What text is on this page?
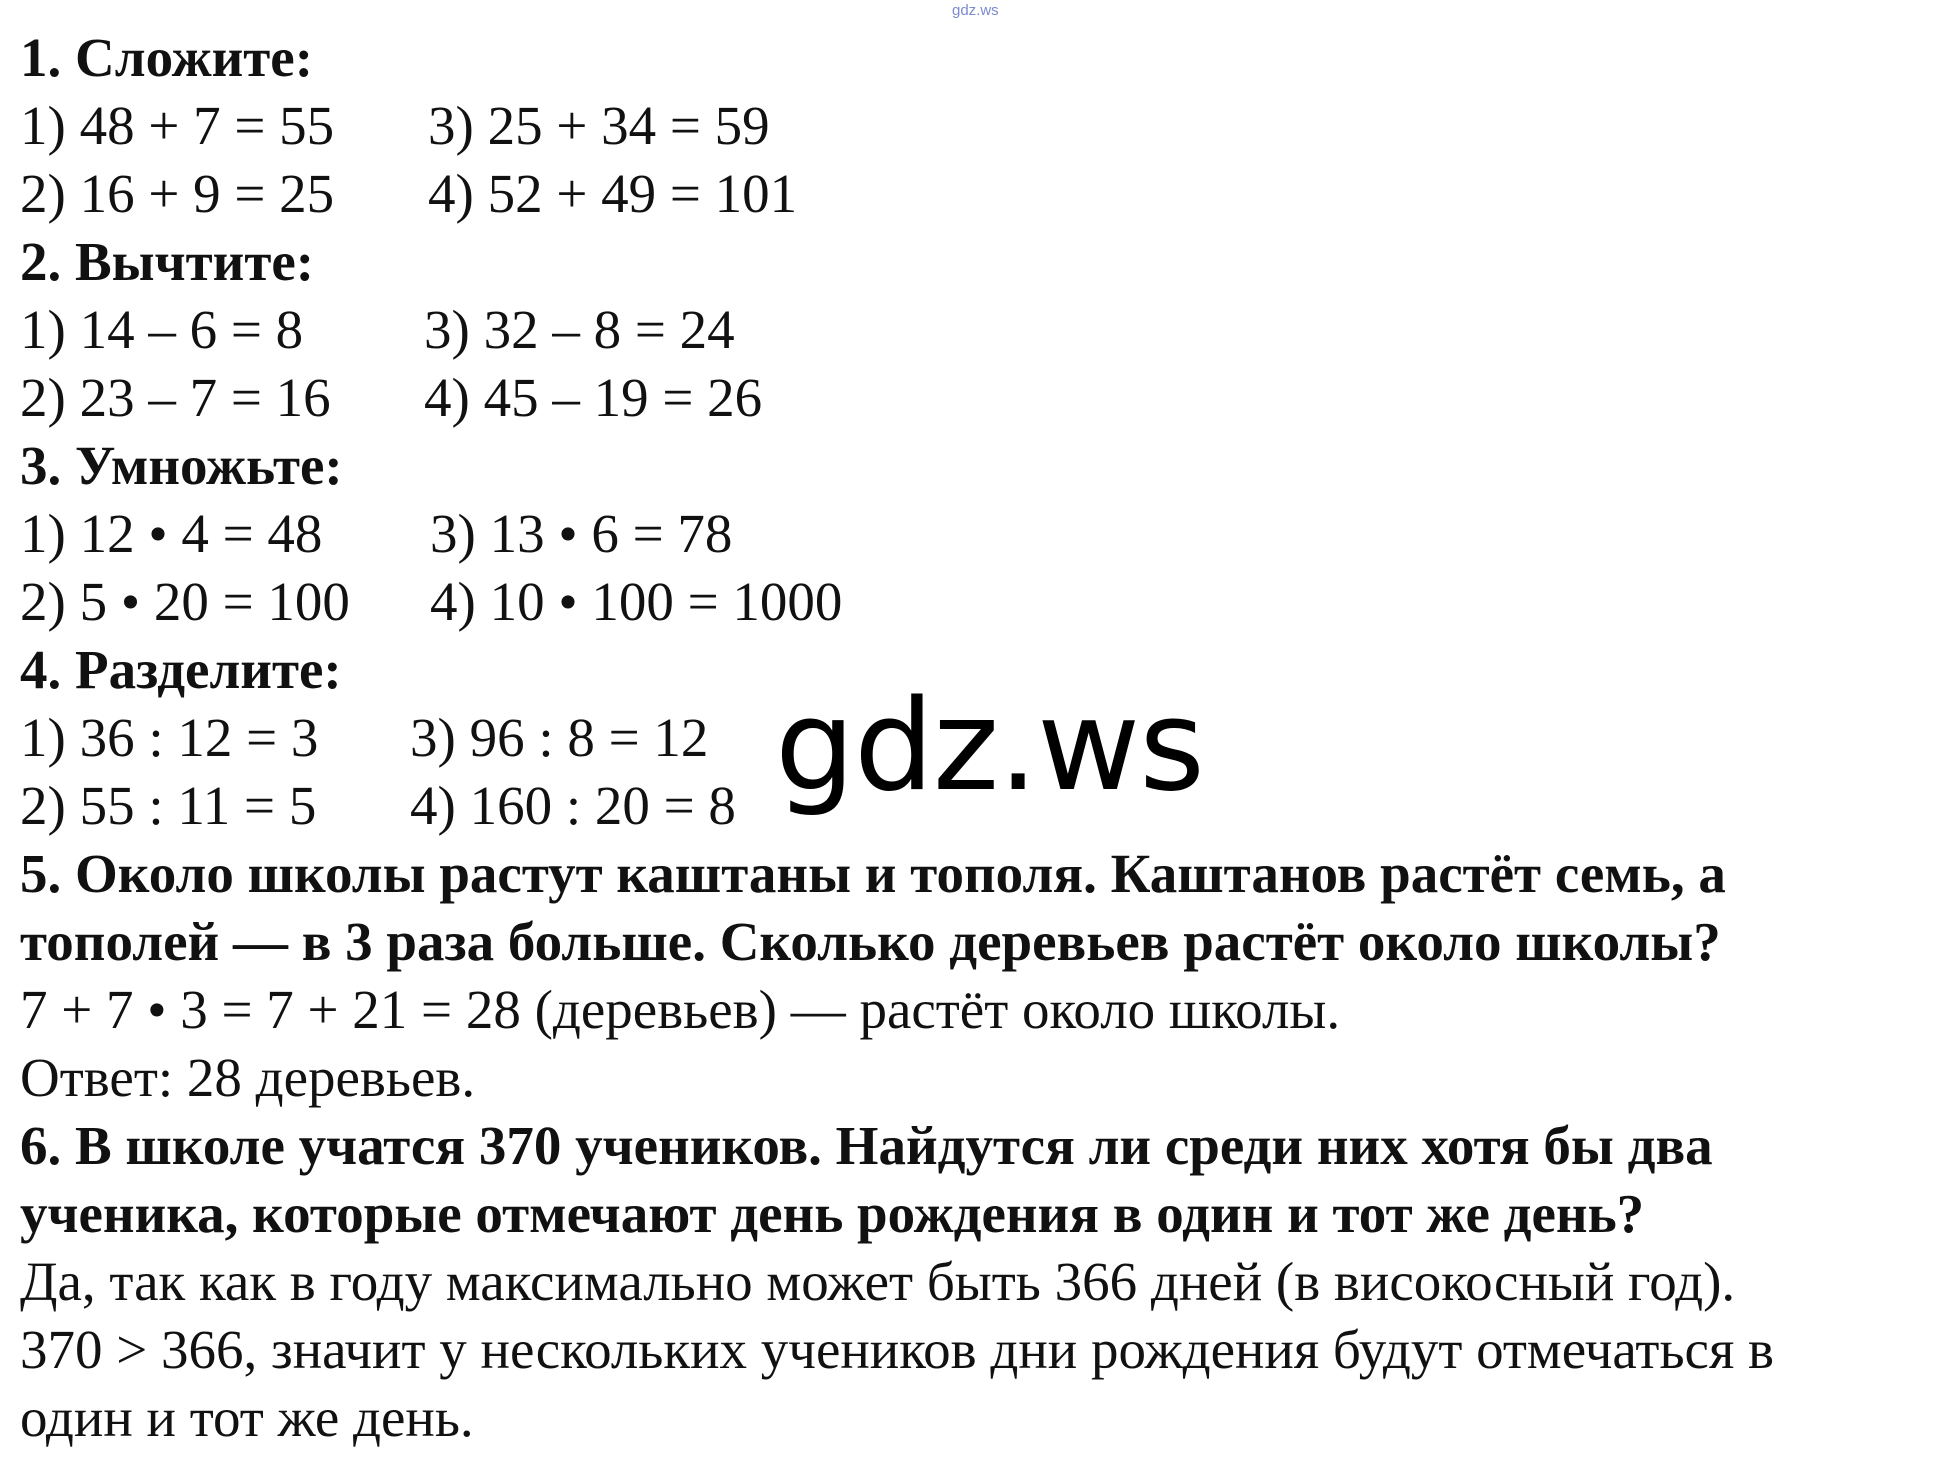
gdz.ws
1. Сложите:
1) 48 + 7 = 55	3) 25 + 34 = 59
2) 16 + 9 = 25	4) 52 + 49 = 101
2. Вычтите:
1) 14 – 6 = 8	3) 32 – 8 = 24
2) 23 – 7 = 16	4) 45 – 19 = 26
3. Умножьте:
1) 12 • 4 = 48	3) 13 • 6 = 78
2) 5 • 20 = 100	4) 10 • 100 = 1000
4. Разделите:
1) 36 : 12 = 3	3) 96 : 8 = 12
2) 55 : 11 = 5	4) 160 : 20 = 8
5. Около школы растут каштаны и тополя. Каштанов растёт семь, а
тополей — в 3 раза больше. Сколько деревьев растёт около школы?
7 + 7 • 3 = 7 + 21 = 28 (деревьев) — растёт около школы.
Ответ: 28 деревьев.
6. В школе учатся 370 учеников. Найдутся ли среди них хотя бы два
ученика, которые отмечают день рождения в один и тот же день?
Да, так как в году максимально может быть 366 дней (в високосный год).
370 > 366, значит у нескольких учеников дни рождения будут отмечаться в
один и тот же день.
gdz.ws
